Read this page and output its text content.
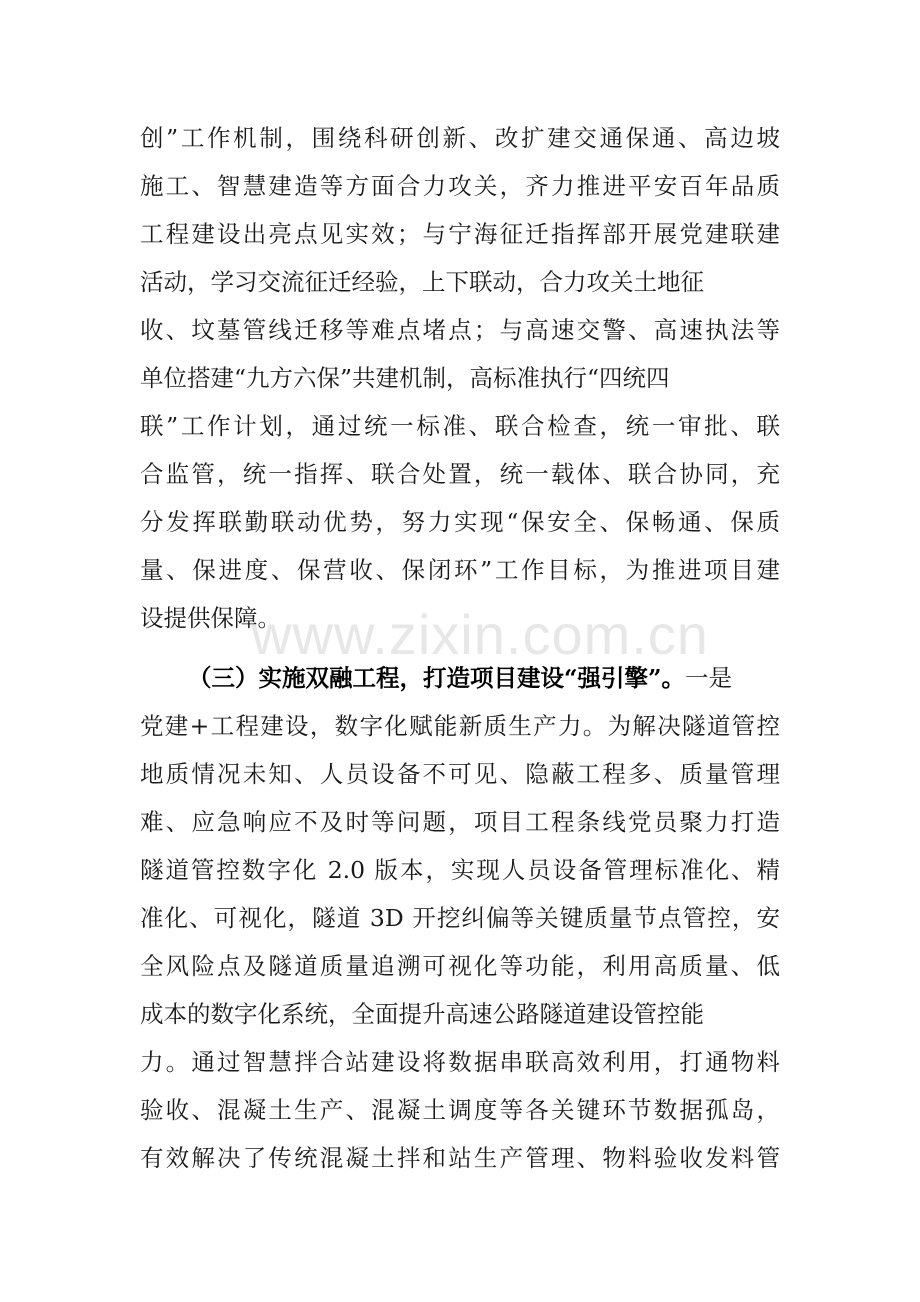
创”工作机制，围绕科研创新、改扩建交通保通、高边坡
施工、智慧建造等方面合力攻关，齐力推进平安百年品质
工程建设出亮点见实效；与宁海征迁指挥部开展党建联建
活动，学习交流征迁经验，上下联动，合力攻关土地征
收、坟墓管线迁移等难点堵点；与高速交警、高速执法等
单位搭建“九方六保”共建机制，高标准执行“四统四
联”工作计划，通过统一标准、联合检查，统一审批、联
合监管，统一指挥、联合处置，统一载体、联合协同，充
分发挥联勤联动优势，努力实现“保安全、保畅通、保质
量、保进度、保营收、保闭环”工作目标，为推进项目建
设提供保障。
（三）实施双融工程，打造项目建设“强引擎”。一是
党建+工程建设，数字化赋能新质生产力。为解决隧道管控
地质情况未知、人员设备不可见、隐蔽工程多、质量管理
难、应急响应不及时等问题，项目工程条线党员聚力打造
隧道管控数字化 2.0 版本，实现人员设备管理标准化、精
准化、可视化，隧道 3D 开挖纠偏等关键质量节点管控，安
全风险点及隧道质量追溯可视化等功能，利用高质量、低
成本的数字化系统，全面提升高速公路隧道建设管控能
力。通过智慧拌合站建设将数据串联高效利用，打通物料
验收、混凝土生产、混凝土调度等各关键环节数据孤岛，
有效解决了传统混凝土拌和站生产管理、物料验收发料管
www.zixin.com.cn
